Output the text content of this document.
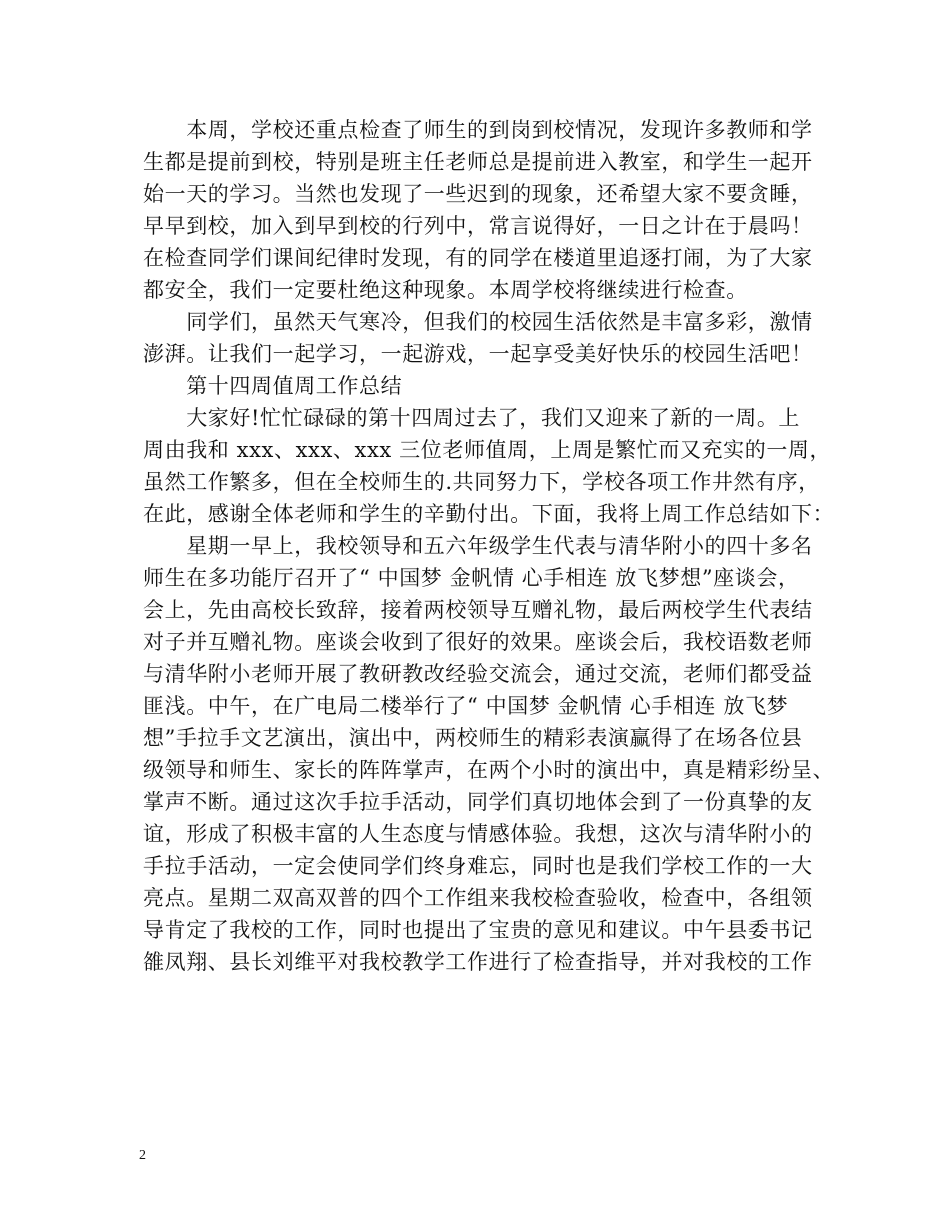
　　本周，学校还重点检查了师生的到岗到校情况，发现许多教师和学
生都是提前到校，特别是班主任老师总是提前进入教室，和学生一起开
始一天的学习。当然也发现了一些迟到的现象，还希望大家不要贪睡，
早早到校，加入到早到校的行列中，常言说得好，一日之计在于晨吗！
在检查同学们课间纪律时发现，有的同学在楼道里追逐打闹，为了大家
都安全，我们一定要杜绝这种现象。本周学校将继续进行检查。
　　同学们，虽然天气寒冷，但我们的校园生活依然是丰富多彩，激情
澎湃。让我们一起学习，一起游戏，一起享受美好快乐的校园生活吧！
　　第十四周值周工作总结
　　大家好!忙忙碌碌的第十四周过去了，我们又迎来了新的一周。上
周由我和 xxx、xxx、xxx 三位老师值周，上周是繁忙而又充实的一周，
虽然工作繁多，但在全校师生的.共同努力下，学校各项工作井然有序，
在此，感谢全体老师和学生的辛勤付出。下面，我将上周工作总结如下：
　　星期一早上，我校领导和五六年级学生代表与清华附小的四十多名
师生在多功能厅召开了“ 中国梦 金帆情 心手相连 放飞梦想”座谈会，
会上，先由高校长致辞，接着两校领导互赠礼物，最后两校学生代表结
对子并互赠礼物。座谈会收到了很好的效果。座谈会后，我校语数老师
与清华附小老师开展了教研教改经验交流会，通过交流，老师们都受益
匪浅。中午，在广电局二楼举行了“ 中国梦 金帆情 心手相连 放飞梦
想”手拉手文艺演出，演出中，两校师生的精彩表演赢得了在场各位县
级领导和师生、家长的阵阵掌声，在两个小时的演出中，真是精彩纷呈、
掌声不断。通过这次手拉手活动，同学们真切地体会到了一份真挚的友
谊，形成了积极丰富的人生态度与情感体验。我想，这次与清华附小的
手拉手活动，一定会使同学们终身难忘，同时也是我们学校工作的一大
亮点。星期二双高双普的四个工作组来我校检查验收，检查中，各组领
导肯定了我校的工作，同时也提出了宝贵的意见和建议。中午县委书记
雒凤翔、县长刘维平对我校教学工作进行了检查指导，并对我校的工作
2
